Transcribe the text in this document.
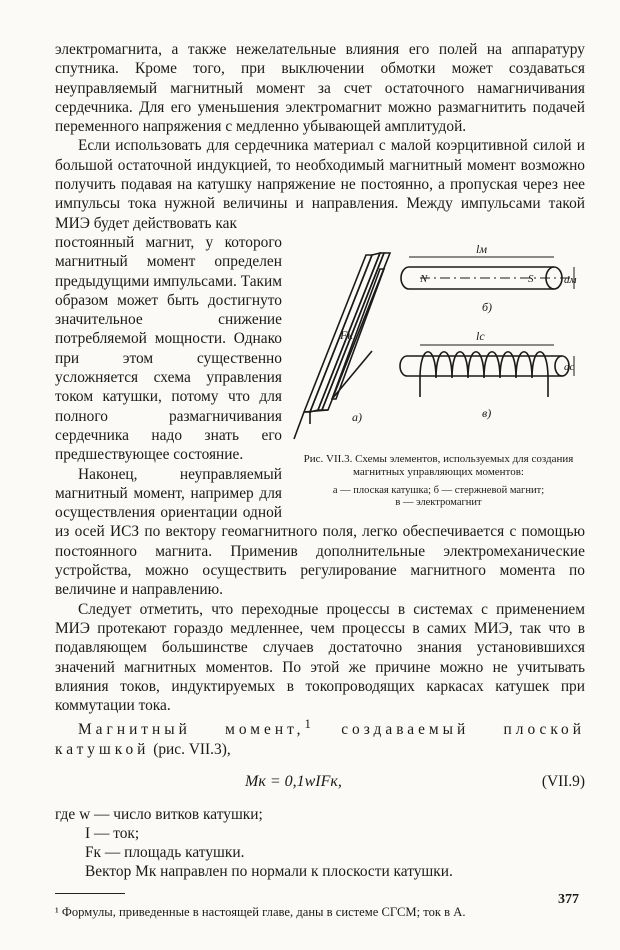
электромагнита, а также нежелательные влияния его полей на аппаратуру спутника. Кроме того, при выключении обмотки может создаваться неуправляемый магнитный момент за счет остаточного намагничивания сердечника. Для его уменьшения электромагнит можно размагнитить подачей переменного напряжения с медленно убывающей амплитудой.

Если использовать для сердечника материал с малой коэрцитивной силой и большой остаточной индукцией, то необходимый магнитный момент возможно получить подавая на катушку напряжение не постоянно, а пропуская через нее импульсы тока нужной величины и направления. Между импульсами такой МИЭ будет действовать как

Fк
а)
lм
dм
N	S
б)
lc
dc
в)
Рис. VII.3. Схемы элементов, используемых для создания магнитных управляющих моментов:
а — плоская катушка; б — стержневой магнит;
в — электромагнит

постоянный магнит, у которого магнитный момент определен предыдущими импульсами. Таким образом может быть достигнуто значительное снижение потребляемой мощности. Однако при этом существенно усложняется схема управления током катушки, потому что для полного размагничивания сердечника надо знать его предшествующее состояние.

Наконец, неуправляемый магнитный момент, например для осуществления ориентации одной из осей ИСЗ по вектору геомагнитного поля, легко обеспечивается с помощью постоянного магнита. Применив дополнительные электромеханические устройства, можно осуществить регулирование магнитного момента по величине и направлению.

Следует отметить, что переходные процессы в системах с применением МИЭ протекают гораздо медленнее, чем процессы в самих МИЭ, так что в подавляющем большинстве случаев достаточно знания установившихся значений магнитных моментов. По этой же причине можно не учитывать влияния токов, индуктируемых в токопроводящих каркасах катушек при коммутации тока.

Магнитный момент,$^1$ создаваемый плоской катушкой (рис. VII.3),

Mк = 0,1wIFк,	(VII.9)
где w — число витков катушки;
I — ток;
Fк — площадь катушки.
Вектор Mк направлен по нормали к плоскости катушки.
¹ Формулы, приведенные в настоящей главе, даны в системе СГСМ; ток в А.
377
